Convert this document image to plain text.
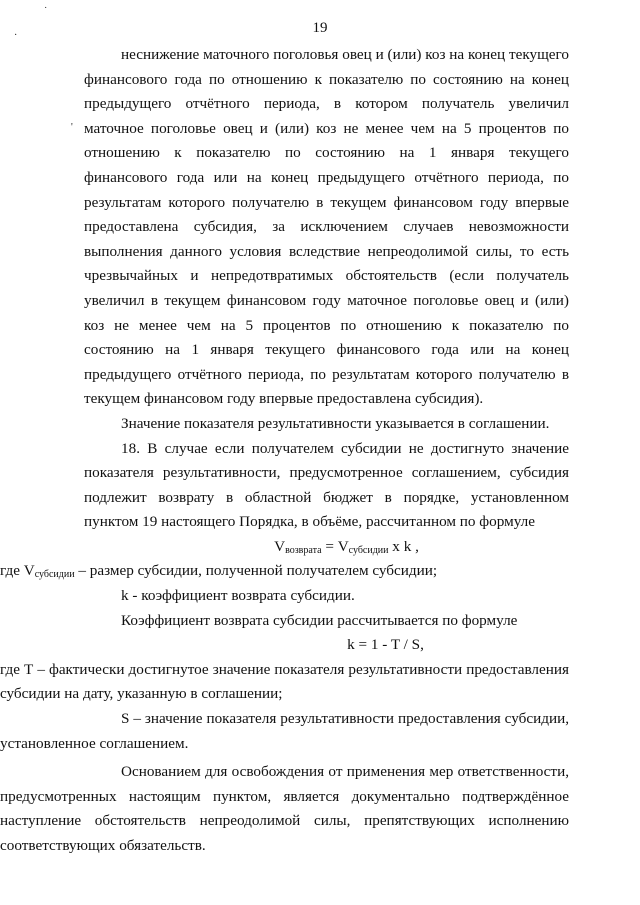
˙
·
'
19

неснижение маточного поголовья овец и (или) коз на конец текущего финансового года по отношению к показателю по состоянию на конец предыдущего отчётного периода, в котором получатель увеличил маточное поголовье овец и (или) коз не менее чем на 5 процентов по отношению к показателю по состоянию на 1 января текущего финансового года или на конец предыдущего отчётного периода, по результатам которого получателю в текущем финансовом году впервые предоставлена субсидия, за исключением случаев невозможности выполнения данного условия вследствие непреодолимой силы, то есть чрезвычайных и непредотвратимых обстоятельств (если получатель увеличил в текущем финансовом году маточное поголовье овец и (или) коз не менее чем на 5 процентов по отношению к показателю по состоянию на 1 января текущего финансового года или на конец предыдущего отчётного периода, по результатам которого получателю в текущем финансовом году впервые предоставлена субсидия).

Значение показателя результативности указывается в соглашении.

18. В случае если получателем субсидии не достигнуто значение показателя результативности, предусмотренное соглашением, субсидия подлежит возврату в областной бюджет в порядке, установленном пунктом 19 настоящего Порядка, в объёме, рассчитанном по формуле

$V_{возврата} = V_{субсидии}$ x k ,

где $V_{субсидии}$ – размер субсидии, полученной получателем субсидии;

k - коэффициент возврата субсидии.

Коэффициент возврата субсидии рассчитывается по формуле

k = 1 - T / S,

где Т – фактически достигнутое значение показателя результативности предоставления субсидии на дату, указанную в соглашении;

S – значение показателя результативности предоставления субсидии, установленное соглашением.

Основанием для освобождения от применения мер ответственности, предусмотренных настоящим пунктом, является документально подтверждённое наступление обстоятельств непреодолимой силы, препятствующих исполнению соответствующих обязательств.
